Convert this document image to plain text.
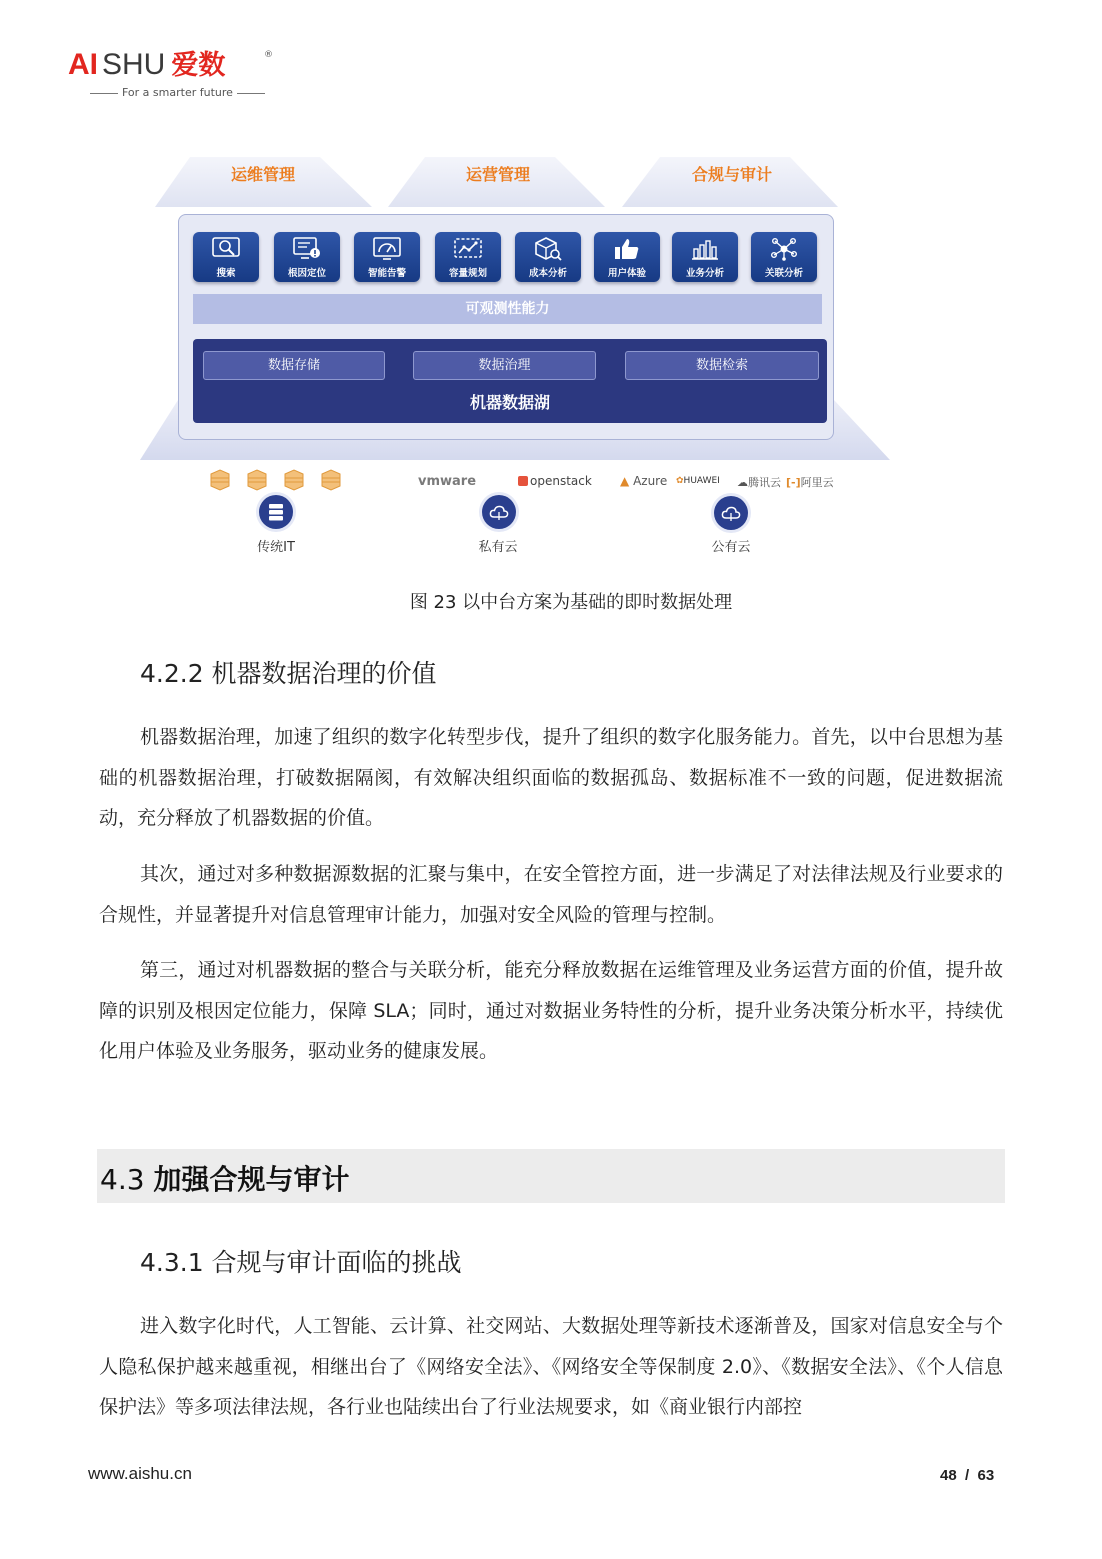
AI SHU 爱数	®
For a smarter future
运维管理	运营管理	合规与审计
搜索	根因定位	智能告警	容量规划	成本分析	用户体验	业务分析	关联分析
可观测性能力
数据存储	数据治理	数据检索
机器数据湖
传统IT
vmware	openstack
私有云
▲ Azure ✿HUAWEI ☁腾讯云 [-]阿里云
公有云
图 23 以中台方案为基础的即时数据处理
4.2.2 机器数据治理的价值

机器数据治理，加速了组织的数字化转型步伐，提升了组织的数字化服务能力。首先，以中台思想为基础的机器数据治理，打破数据隔阂，有效解决组织面临的数据孤岛、数据标准不一致的问题，促进数据流动，充分释放了机器数据的价值。

其次，通过对多种数据源数据的汇聚与集中，在安全管控方面，进一步满足了对法律法规及行业要求的合规性，并显著提升对信息管理审计能力，加强对安全风险的管理与控制。

第三，通过对机器数据的整合与关联分析，能充分释放数据在运维管理及业务运营方面的价值，提升故障的识别及根因定位能力，保障 SLA；同时，通过对数据业务特性的分析，提升业务决策分析水平，持续优化用户体验及业务服务，驱动业务的健康发展。

4.3 加强合规与审计
4.3.1 合规与审计面临的挑战

进入数字化时代，人工智能、云计算、社交网站、大数据处理等新技术逐渐普及，国家对信息安全与个人隐私保护越来越重视，相继出台了《网络安全法》、《网络安全等保制度 2.0》、《数据安全法》、《个人信息保护法》等多项法律法规，各行业也陆续出台了行业法规要求，如《商业银行内部控

www.aishu.cn	48  /  63
